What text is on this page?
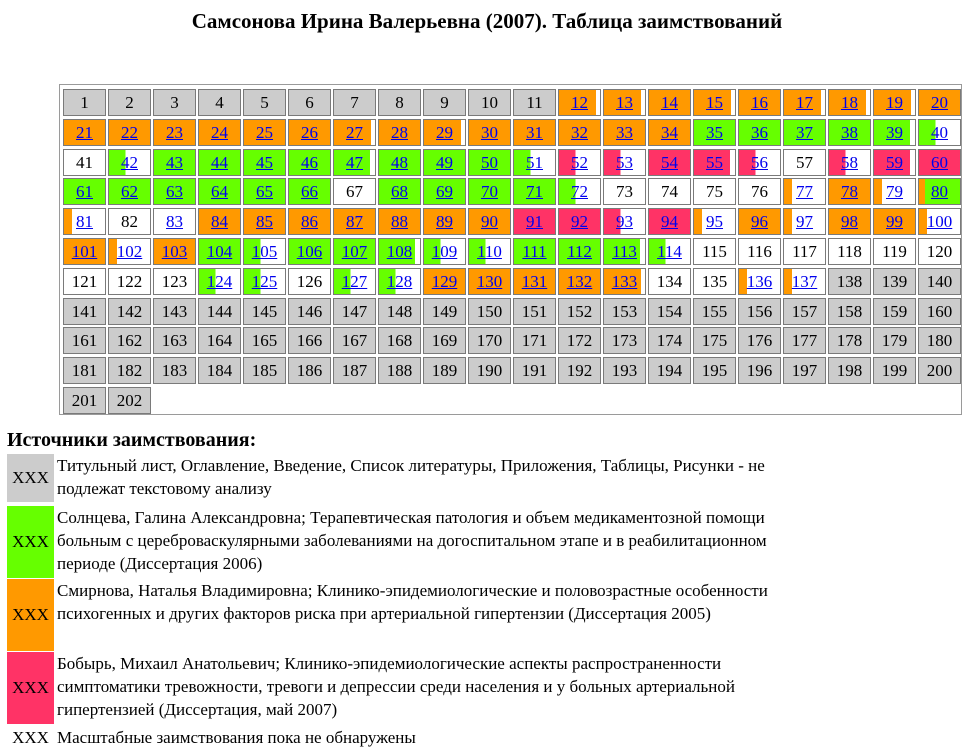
Самсонова Ирина Валерьевна (2007). Таблица заимствований
1	2	3	4	5	6	7	8	9	10	11	12	13	14	15	16	17	18	19	20
21	22	23	24	25	26	27	28	29	30	31	32	33	34	35	36	37	38	39	40
41	42	43	44	45	46	47	48	49	50	51	52	53	54	55	56	57	58	59	60
61	62	63	64	65	66	67	68	69	70	71	72	73	74	75	76	77	78	79	80
81	82	83	84	85	86	87	88	89	90	91	92	93	94	95	96	97	98	99	100
101	102	103	104	105	106	107	108	109	110	111	112	113	114	115	116	117	118	119	120
121	122	123	124	125	126	127	128	129	130	131	132	133	134	135	136	137	138	139	140
141	142	143	144	145	146	147	148	149	150	151	152	153	154	155	156	157	158	159	160
161	162	163	164	165	166	167	168	169	170	171	172	173	174	175	176	177	178	179	180
181	182	183	184	185	186	187	188	189	190	191	192	193	194	195	196	197	198	199	200
201	202
Источники заимствования:
XXX
Титульный лист, Оглавление, Введение, Список литературы, Приложения, Таблицы, Рисунки - не подлежат текстовому анализу
XXX
Солнцева, Галина Александровна; Терапевтическая патология и объем медикаментозной помощи больным с цереброваскулярными заболеваниями на догоспитальном этапе и в реабилитационном периоде (Диссертация 2006)
XXX
Смирнова, Наталья Владимировна; Клинико-эпидемиологические и половозрастные особенности психогенных и других факторов риска при артериальной гипертензии (Диссертация 2005)
XXX
Бобырь, Михаил Анатольевич; Клинико-эпидемиологические аспекты распространенности симптоматики тревожности, тревоги и депрессии среди населения и у больных артериальной гипертензией (Диссертация, май 2007)
XXX Масштабные заимствования пока не обнаружены
